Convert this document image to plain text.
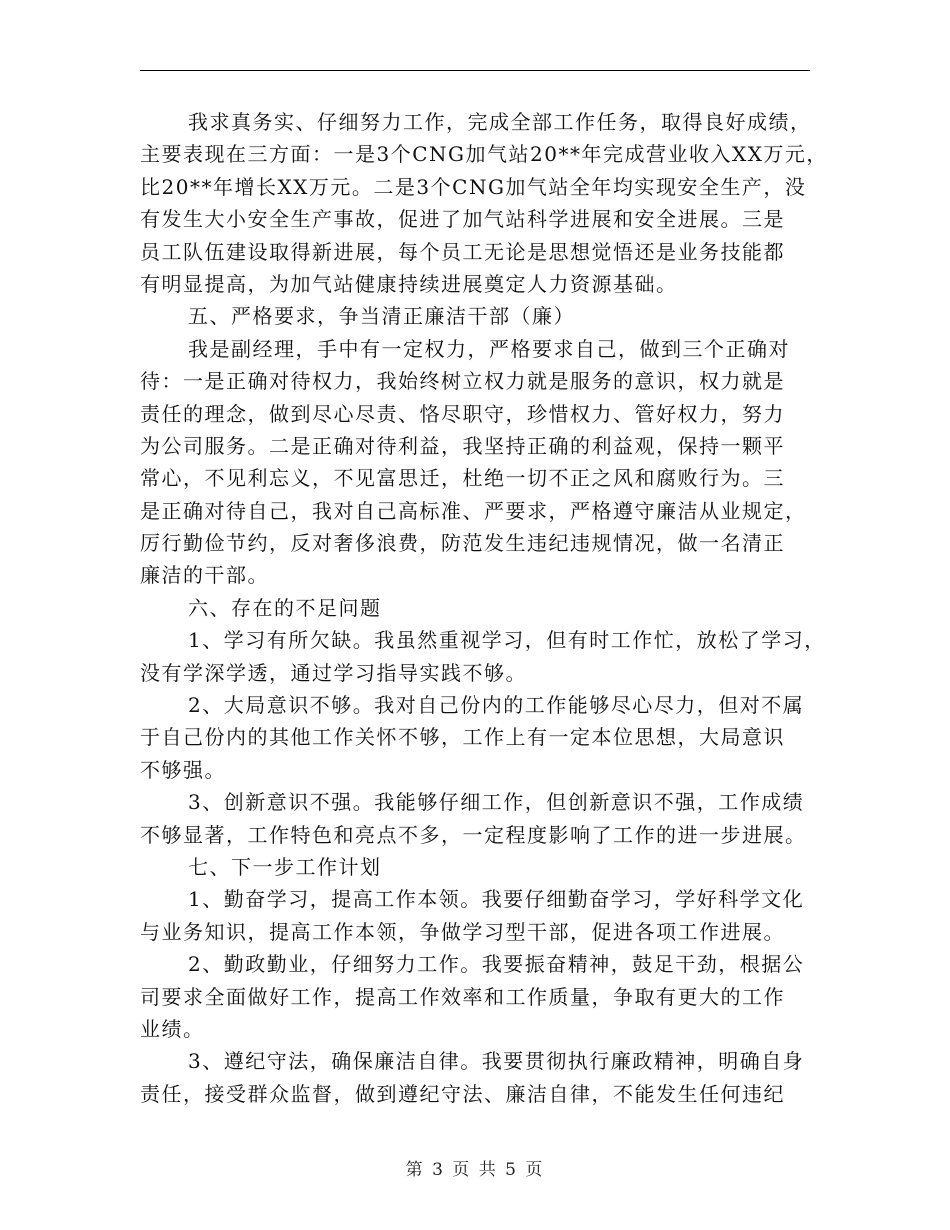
我求真务实、仔细努力工作，完成全部工作任务，取得良好成绩，
主要表现在三方面：一是3个CNG加气站20**年完成营业收入XX万元，
比20**年增长XX万元。二是3个CNG加气站全年均实现安全生产，没
有发生大小安全生产事故，促进了加气站科学进展和安全进展。三是
员工队伍建设取得新进展，每个员工无论是思想觉悟还是业务技能都
有明显提高，为加气站健康持续进展奠定人力资源基础。
五、严格要求，争当清正廉洁干部（廉）
我是副经理，手中有一定权力，严格要求自己，做到三个正确对
待：一是正确对待权力，我始终树立权力就是服务的意识，权力就是
责任的理念，做到尽心尽责、恪尽职守，珍惜权力、管好权力，努力
为公司服务。二是正确对待利益，我坚持正确的利益观，保持一颗平
常心，不见利忘义，不见富思迁，杜绝一切不正之风和腐败行为。三
是正确对待自己，我对自己高标准、严要求，严格遵守廉洁从业规定，
厉行勤俭节约，反对奢侈浪费，防范发生违纪违规情况，做一名清正
廉洁的干部。
六、存在的不足问题
1、学习有所欠缺。我虽然重视学习，但有时工作忙，放松了学习，
没有学深学透，通过学习指导实践不够。
2、大局意识不够。我对自己份内的工作能够尽心尽力，但对不属
于自己份内的其他工作关怀不够，工作上有一定本位思想，大局意识
不够强。
3、创新意识不强。我能够仔细工作，但创新意识不强，工作成绩
不够显著，工作特色和亮点不多，一定程度影响了工作的进一步进展。
七、下一步工作计划
1、勤奋学习，提高工作本领。我要仔细勤奋学习，学好科学文化
与业务知识，提高工作本领，争做学习型干部，促进各项工作进展。
2、勤政勤业，仔细努力工作。我要振奋精神，鼓足干劲，根据公
司要求全面做好工作，提高工作效率和工作质量，争取有更大的工作
业绩。
3、遵纪守法，确保廉洁自律。我要贯彻执行廉政精神，明确自身
责任，接受群众监督，做到遵纪守法、廉洁自律，不能发生任何违纪
第 3 页 共 5 页
